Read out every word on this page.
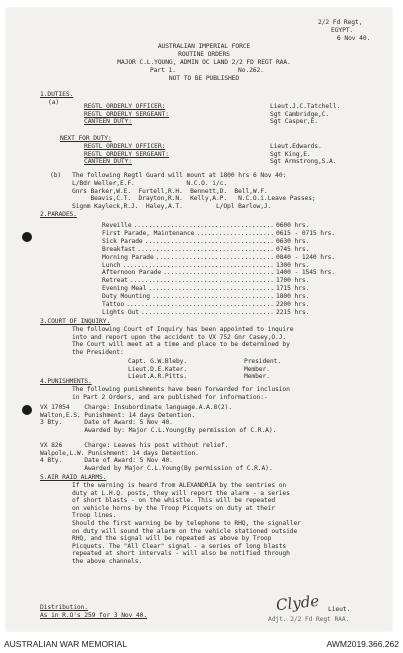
2/2 Fd Regt,
EGYPT.
6 Nov 40.
AUSTRALIAN IMPERIAL FORCE
ROUTINE ORDERS
MAJOR C.L.YOUNG, ADMIN OC LAND 2/2 FD REGT RAA.
Part 1.	No.262.
NOT TO BE PUBLISHED
1.DUTIES.
(a)
REGTL ORDERLY OFFICER:	Lieut.J.C.Tatchell.
REGTL ORDERLY SERGEANT:	Sgt Cambridge,C.
CANTEEN DUTY:	Sgt Casper,E.
NEXT FOR DUTY:
REGTL ORDERLY OFFICER:	Lieut.Edwards.
REGTL ORDERLY SERGEANT:	Sgt King,E.
CANTEEN DUTY:	Sgt Armstrong,S.A.
(b)   The following Regtl Guard will mount at 1800 hrs 6 Nov 40:
L/Bdr Weller,E.F.              N.C.O. i/c.
Gnrs Barker,W.E.  Furtell,R.H.  Bennett,D.  Bell,W.F.
Beavis,C.T.  Drayton,R.N.  Kelly,A.P.   N.C.O.i.Leave Passes;
Signm Kayleck,R.J.  Haley,A.T.         L/Opl Barlow,J.
2.PARADES.
Reveille ...................................... 0600 hrs.
First Parade, Maintenance ..................... 0615 - 0715 hrs.
Sick Parade ................................... 0630 hrs.
Breakfast ..................................... 0745 hrs.
Morning Parade ................................ 0840 - 1240 hrs.
Lunch ......................................... 1300 hrs.
Afternoon Parade .............................. 1400 - 1545 hrs.
Retreat ....................................... 1700 hrs.
Evening Meal .................................. 1715 hrs.
Duty Mounting ................................. 1800 hrs.
Tattoo ........................................ 2200 hrs.
Lights Out .................................... 2215 hrs.
3.COURT OF INQUIRY.
The following Court of Inquiry has been appointed to inquire
into and report upon the accident to VX 752 Gnr Casey,O.J.
The Court will meet at a time and place to be determined by
the President:
Capt. G.W.Bleby.	President.
Lieut.D.E.Kater.	Member.
Lieut.A.R.Pitts.	Member.
4.PUNISHMENTS.
The following punishments have been forwarded for inclusion
in Part 2 Orders, and are published for information:-
VX 17054    Charge: Insubordinate language.A.A.8(2).
Walton,E.S. Punishment: 14 days Detention.
3 Bty.      Date of Award: 5 Nov 40.
Awarded by: Major C.L.Young(By permission of C.R.A).
VX 826      Charge: Leaves his post without relief.
Walpole,L.W. Punishment: 14 days Detention.
4 Bty.      Date of Award: 5 Nov 40.
Awarded by Major C.L.Young(By permission of C.R.A).
5.AIR RAID ALARMS.
If the warning is heard from ALEXANDRIA by the sentries on
duty at L.H.Q. posts, they will report the alarm - a series
of short blasts - on the whistle. This will be repeated
on vehicle horns by the Troop Picquets on duty at their
Troop lines.
Should the first warning be by telephone to RHQ, the signaller
on duty will sound the alarm on the vehicle stationed outside
RHQ, and the signal will be repeated as above by Troop
Picquets. The "All Clear" signal - a series of long blasts
repeated at short intervals - will also be notified through
the above channels.
Distribution.
As in R.O's 259 for 3 Nov 40.
Clyde Lieut.
Adjt. 2/2 Fd Regt RAA.
AUSTRALIAN WAR MEMORIAL	AWM2019.366.262
